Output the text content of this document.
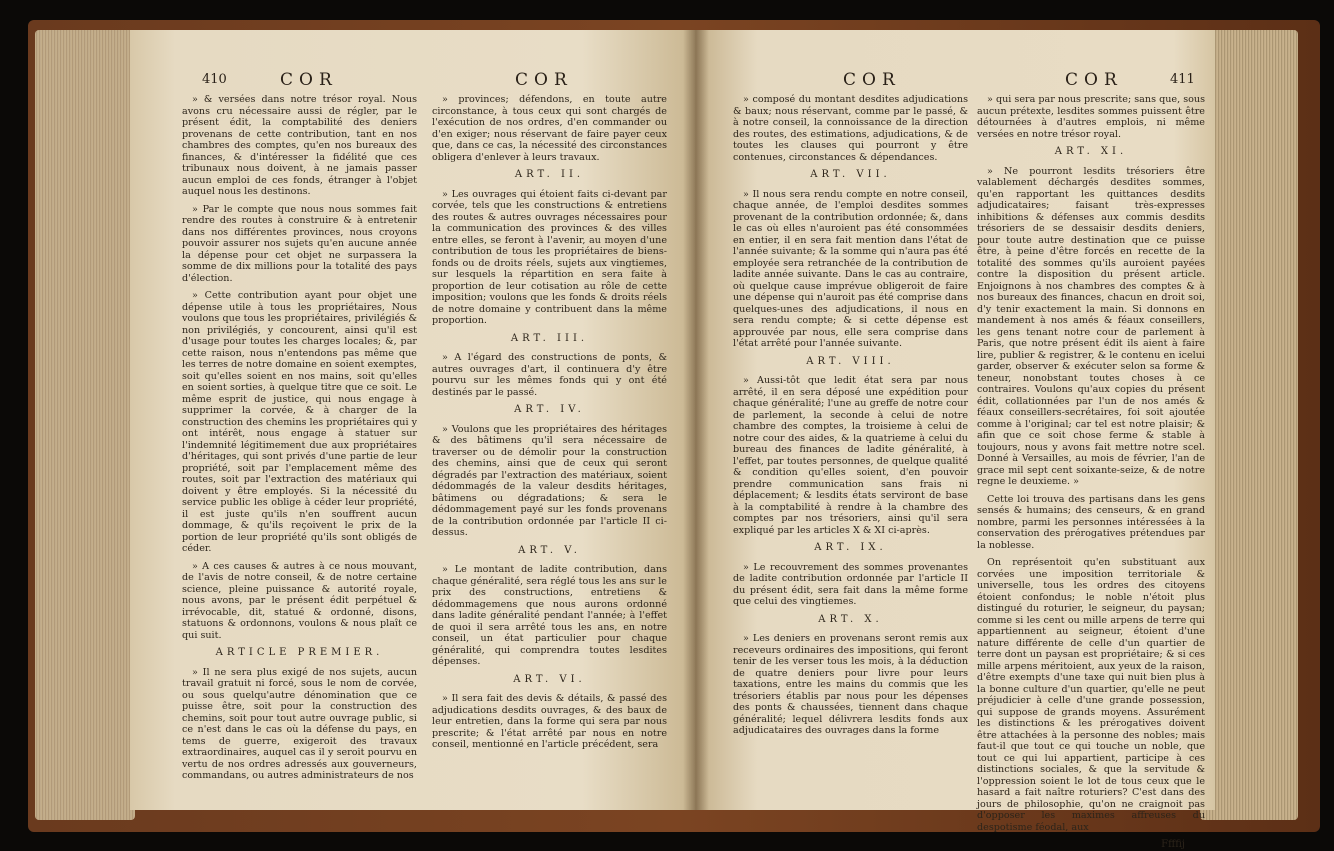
410	COR	COR

» & versées dans notre trésor royal. Nous avons cru nécessaire aussi de régler, par le présent édit, la comptabilité des deniers provenans de cette contribution, tant en nos chambres des comptes, qu'en nos bureaux des finances, & d'intéresser la fidélité que ces tribunaux nous doivent, à ne jamais passer aucun emploi de ces fonds, étranger à l'objet auquel nous les destinons.

» Par le compte que nous nous sommes fait rendre des routes à construire & à entretenir dans nos différentes provinces, nous croyons pouvoir assurer nos sujets qu'en aucune année la dépense pour cet objet ne surpassera la somme de dix millions pour la totalité des pays d'élection.

» Cette contribution ayant pour objet une dépense utile à tous les propriétaires, Nous voulons que tous les propriétaires, privilégiés & non privilégiés, y concourent, ainsi qu'il est d'usage pour toutes les charges locales; &, par cette raison, nous n'entendons pas même que les terres de notre domaine en soient exemptes, soit qu'elles soient en nos mains, soit qu'elles en soient sorties, à quelque titre que ce soit. Le même esprit de justice, qui nous engage à supprimer la corvée, & à charger de la construction des chemins les propriétaires qui y ont intérêt, nous engage à statuer sur l'indemnité légitimement due aux propriétaires d'héritages, qui sont privés d'une partie de leur propriété, soit par l'emplacement même des routes, soit par l'extraction des matériaux qui doivent y être employés. Si la nécessité du service public les oblige à céder leur propriété, il est juste qu'ils n'en souffrent aucun dommage, & qu'ils reçoivent le prix de la portion de leur propriété qu'ils sont obligés de céder.

» A ces causes & autres à ce nous mouvant, de l'avis de notre conseil, & de notre certaine science, pleine puissance & autorité royale, nous avons, par le présent édit perpétuel & irrévocable, dit, statué & ordonné, disons, statuons & ordonnons, voulons & nous plaît ce qui suit.

ARTICLE PREMIER.

» Il ne sera plus exigé de nos sujets, aucun travail gratuit ni forcé, sous le nom de corvée, ou sous quelqu'autre dénomination que ce puisse être, soit pour la construction des chemins, soit pour tout autre ouvrage public, si ce n'est dans le cas où la défense du pays, en tems de guerre, exigeroit des travaux extraordinaires, auquel cas il y seroit pourvu en vertu de nos ordres adressés aux gouverneurs, commandans, ou autres administrateurs de nos

» provinces; défendons, en toute autre circonstance, à tous ceux qui sont chargés de l'exécution de nos ordres, d'en commander ou d'en exiger; nous réservant de faire payer ceux que, dans ce cas, la nécessité des circonstances obligera d'enlever à leurs travaux.

ART. II.

» Les ouvrages qui étoient faits ci-devant par corvée, tels que les constructions & entretiens des routes & autres ouvrages nécessaires pour la communication des provinces & des villes entre elles, se feront à l'avenir, au moyen d'une contribution de tous les propriétaires de biens-fonds ou de droits réels, sujets aux vingtiemes, sur lesquels la répartition en sera faite à proportion de leur cotisation au rôle de cette imposition; voulons que les fonds & droits réels de notre domaine y contribuent dans la même proportion.

ART. III.

» A l'égard des constructions de ponts, & autres ouvrages d'art, il continuera d'y être pourvu sur les mêmes fonds qui y ont été destinés par le passé.

ART. IV.

» Voulons que les propriétaires des héritages & des bâtimens qu'il sera nécessaire de traverser ou de démolir pour la construction des chemins, ainsi que de ceux qui seront dégradés par l'extraction des matériaux, soient dédommagés de la valeur desdits héritages, bâtimens ou dégradations; & sera le dédommagement payé sur les fonds provenans de la contribution ordonnée par l'article II ci-dessus.

ART. V.

» Le montant de ladite contribution, dans chaque généralité, sera réglé tous les ans sur le prix des constructions, entretiens & dédommagemens que nous aurons ordonné dans ladite généralité pendant l'année; à l'effet de quoi il sera arrêté tous les ans, en notre conseil, un état particulier pour chaque généralité, qui comprendra toutes lesdites dépenses.

ART. VI.

» Il sera fait des devis & détails, & passé des adjudications desdits ouvrages, & des baux de leur entretien, dans la forme qui sera par nous prescrite; & l'état arrêté par nous en notre conseil, mentionné en l'article précédent, sera

COR	COR	411

» composé du montant desdites adjudications & baux; nous réservant, comme par le passé, & à notre conseil, la connoissance de la direction des routes, des estimations, adjudications, & de toutes les clauses qui pourront y être contenues, circonstances & dépendances.

ART. VII.

» Il nous sera rendu compte en notre conseil, chaque année, de l'emploi desdites sommes provenant de la contribution ordonnée; &, dans le cas où elles n'auroient pas été consommées en entier, il en sera fait mention dans l'état de l'année suivante; & la somme qui n'aura pas été employée sera retranchée de la contribution de ladite année suivante. Dans le cas au contraire, où quelque cause imprévue obligeroit de faire une dépense qui n'auroit pas été comprise dans quelques-unes des adjudications, il nous en sera rendu compte; & si cette dépense est approuvée par nous, elle sera comprise dans l'état arrêté pour l'année suivante.

ART. VIII.

» Aussi-tôt que ledit état sera par nous arrêté, il en sera déposé une expédition pour chaque généralité; l'une au greffe de notre cour de parlement, la seconde à celui de notre chambre des comptes, la troisieme à celui de notre cour des aides, & la quatrieme à celui du bureau des finances de ladite généralité, à l'effet, par toutes personnes, de quelque qualité & condition qu'elles soient, d'en pouvoir prendre communication sans frais ni déplacement; & lesdits états serviront de base à la comptabilité à rendre à la chambre des comptes par nos trésoriers, ainsi qu'il sera expliqué par les articles X & XI ci-après.

ART. IX.

» Le recouvrement des sommes provenantes de ladite contribution ordonnée par l'article II du présent édit, sera fait dans la même forme que celui des vingtiemes.

ART. X.

» Les deniers en provenans seront remis aux receveurs ordinaires des impositions, qui feront tenir de les verser tous les mois, à la déduction de quatre deniers pour livre pour leurs taxations, entre les mains du commis que les trésoriers établis par nous pour les dépenses des ponts & chaussées, tiennent dans chaque généralité; lequel délivrera lesdits fonds aux adjudicataires des ouvrages dans la forme

» qui sera par nous prescrite; sans que, sous aucun prétexte, lesdites sommes puissent être détournées à d'autres emplois, ni même versées en notre trésor royal.

ART. XI.

» Ne pourront lesdits trésoriers être valablement déchargés desdites sommes, qu'en rapportant les quittances desdits adjudicataires; faisant très-expresses inhibitions & défenses aux commis desdits trésoriers de se dessaisir desdits deniers, pour toute autre destination que ce puisse être, à peine d'être forcés en recette de la totalité des sommes qu'ils auroient payées contre la disposition du présent article. Enjoignons à nos chambres des comptes & à nos bureaux des finances, chacun en droit soi, d'y tenir exactement la main. Si donnons en mandement à nos amés & féaux conseillers, les gens tenant notre cour de parlement à Paris, que notre présent édit ils aient à faire lire, publier & registrer, & le contenu en icelui garder, observer & exécuter selon sa forme & teneur, nonobstant toutes choses à ce contraires. Voulons qu'aux copies du présent édit, collationnées par l'un de nos amés & féaux conseillers-secrétaires, foi soit ajoutée comme à l'original; car tel est notre plaisir; & afin que ce soit chose ferme & stable à toujours, nous y avons fait mettre notre scel. Donné à Versailles, au mois de février, l'an de grace mil sept cent soixante-seize, & de notre regne le deuxieme. »

Cette loi trouva des partisans dans les gens sensés & humains; des censeurs, & en grand nombre, parmi les personnes intéressées à la conservation des prérogatives prétendues par la noblesse.

On représentoit qu'en substituant aux corvées une imposition territoriale & universelle, tous les ordres des citoyens étoient confondus; le noble n'étoit plus distingué du roturier, le seigneur, du paysan; comme si les cent ou mille arpens de terre qui appartiennent au seigneur, étoient d'une nature différente de celle d'un quartier de terre dont un paysan est propriétaire; & si ces mille arpens méritoient, aux yeux de la raison, d'être exempts d'une taxe qui nuit bien plus à la bonne culture d'un quartier, qu'elle ne peut préjudicier à celle d'une grande possession, qui suppose de grands moyens. Assurément les distinctions & les prérogatives doivent être attachées à la personne des nobles; mais faut-il que tout ce qui touche un noble, que tout ce qui lui appartient, participe à ces distinctions sociales, & que la servitude & l'oppression soient le lot de tous ceux que le hasard a fait naître roturiers? C'est dans des jours de philosophie, qu'on ne craignoit pas d'opposer les maximes affreuses du despotisme féodal, aux

Ffffij
